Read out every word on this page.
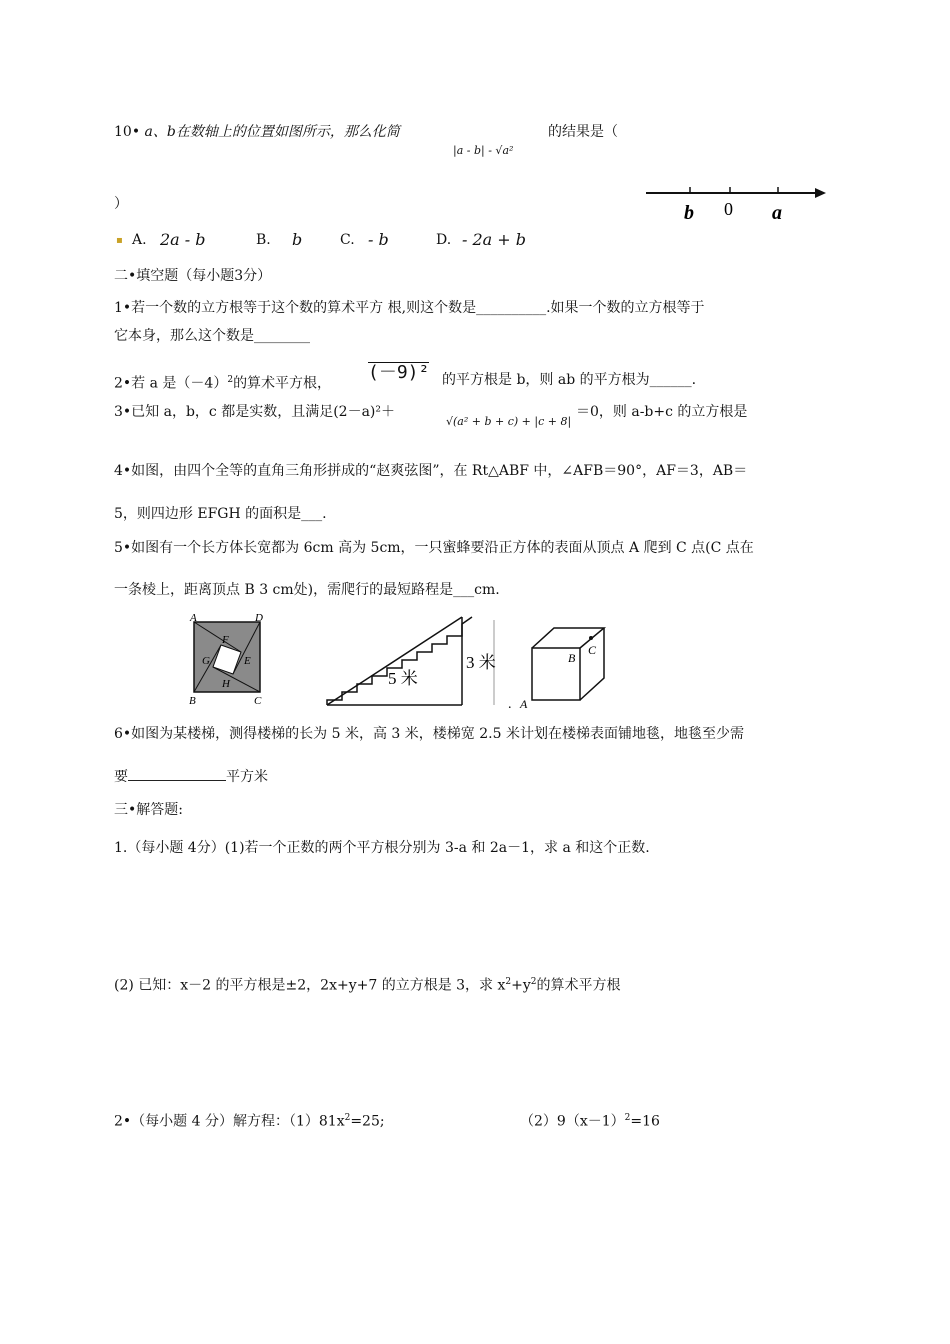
10• a、b在数轴上的位置如图所示，那么化简
|a - b| - √a²
的结果是（
）	b 0 a
▪ A. 2a - b	B. b	C. - b	D. - 2a + b
二•填空题（每小题3分）
1•若一个数的立方根等于这个数的算术平方 根,则这个数是__________.如果一个数的立方根等于
它本身，那么这个数是________
2•若 a 是$(-4)^2$的算术平方根，
(－9)² 的平方根是 b，则 ab 的平方根为______.
3•已知 a，b，c 都是实数，且满足(2－a)²＋
√(a² + b + c) + |c + 8|
＝0，则 a-b+c 的立方根是
4•如图，由四个全等的直角三角形拼成的“赵爽弦图”，在 Rt△ABF 中，∠AFB＝90°，AF＝3，AB＝
5，则四边形 EFGH 的面积是___.
5•如图有一个长方体长宽都为 6cm 高为 5cm，一只蜜蜂要沿正方体的表面从顶点 A 爬到 C 点(C 点在
一条棱上，距离顶点 B 3 cm处)，需爬行的最短路程是___cm.
A	D
F
G	E
H
B	C
5 米
3 米
.
B
C
A
6•如图为某楼梯，测得楼梯的长为 5 米，高 3 米，楼梯宽 2.5 米计划在楼梯表面铺地毯，地毯至少需
要	平方米
三•解答题:
1.（每小题 4分）(1)若一个正数的两个平方根分别为 3-a 和 2a－1，求 a 和这个正数.
(2) 已知：x－2 的平方根是±2，2x+y+7 的立方根是 3，求 $x^2+y^2$的算术平方根
2•（每小题 4 分）解方程：$(1)81x^2=25$;	$(2)9(x-1)^2=16$
